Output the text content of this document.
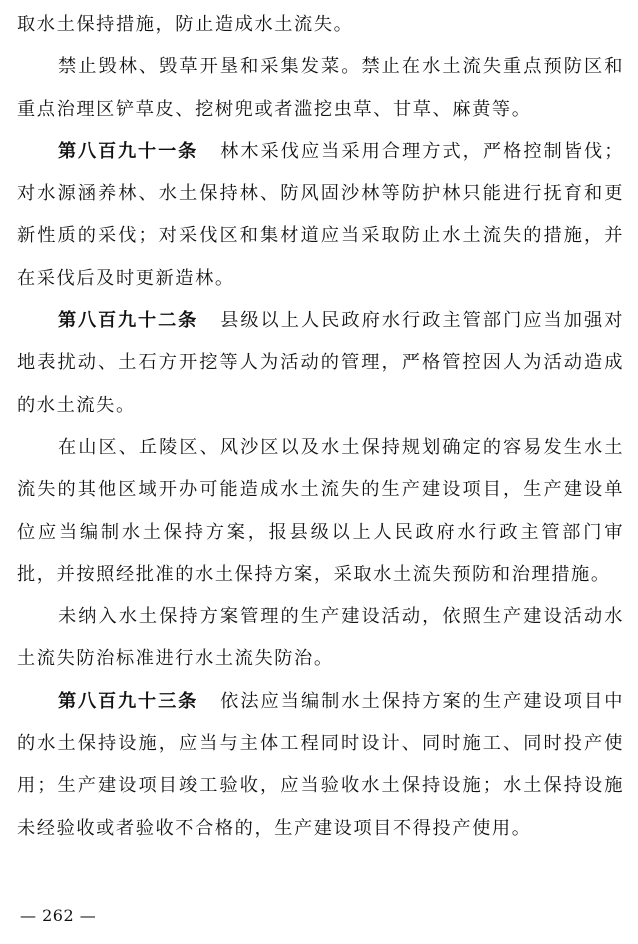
取水土保持措施，防止造成水土流失。

禁止毁林、毁草开垦和采集发菜。禁止在水土流失重点预防区和重点治理区铲草皮、挖树兜或者滥挖虫草、甘草、麻黄等。

第八百九十一条 林木采伐应当采用合理方式，严格控制皆伐；对水源涵养林、水土保持林、防风固沙林等防护林只能进行抚育和更新性质的采伐；对采伐区和集材道应当采取防止水土流失的措施，并在采伐后及时更新造林。

第八百九十二条 县级以上人民政府水行政主管部门应当加强对地表扰动、土石方开挖等人为活动的管理，严格管控因人为活动造成的水土流失。

在山区、丘陵区、风沙区以及水土保持规划确定的容易发生水土流失的其他区域开办可能造成水土流失的生产建设项目，生产建设单位应当编制水土保持方案，报县级以上人民政府水行政主管部门审批，并按照经批准的水土保持方案，采取水土流失预防和治理措施。

未纳入水土保持方案管理的生产建设活动，依照生产建设活动水土流失防治标准进行水土流失防治。

第八百九十三条 依法应当编制水土保持方案的生产建设项目中的水土保持设施，应当与主体工程同时设计、同时施工、同时投产使用；生产建设项目竣工验收，应当验收水土保持设施；水土保持设施未经验收或者验收不合格的，生产建设项目不得投产使用。

— 262 —
